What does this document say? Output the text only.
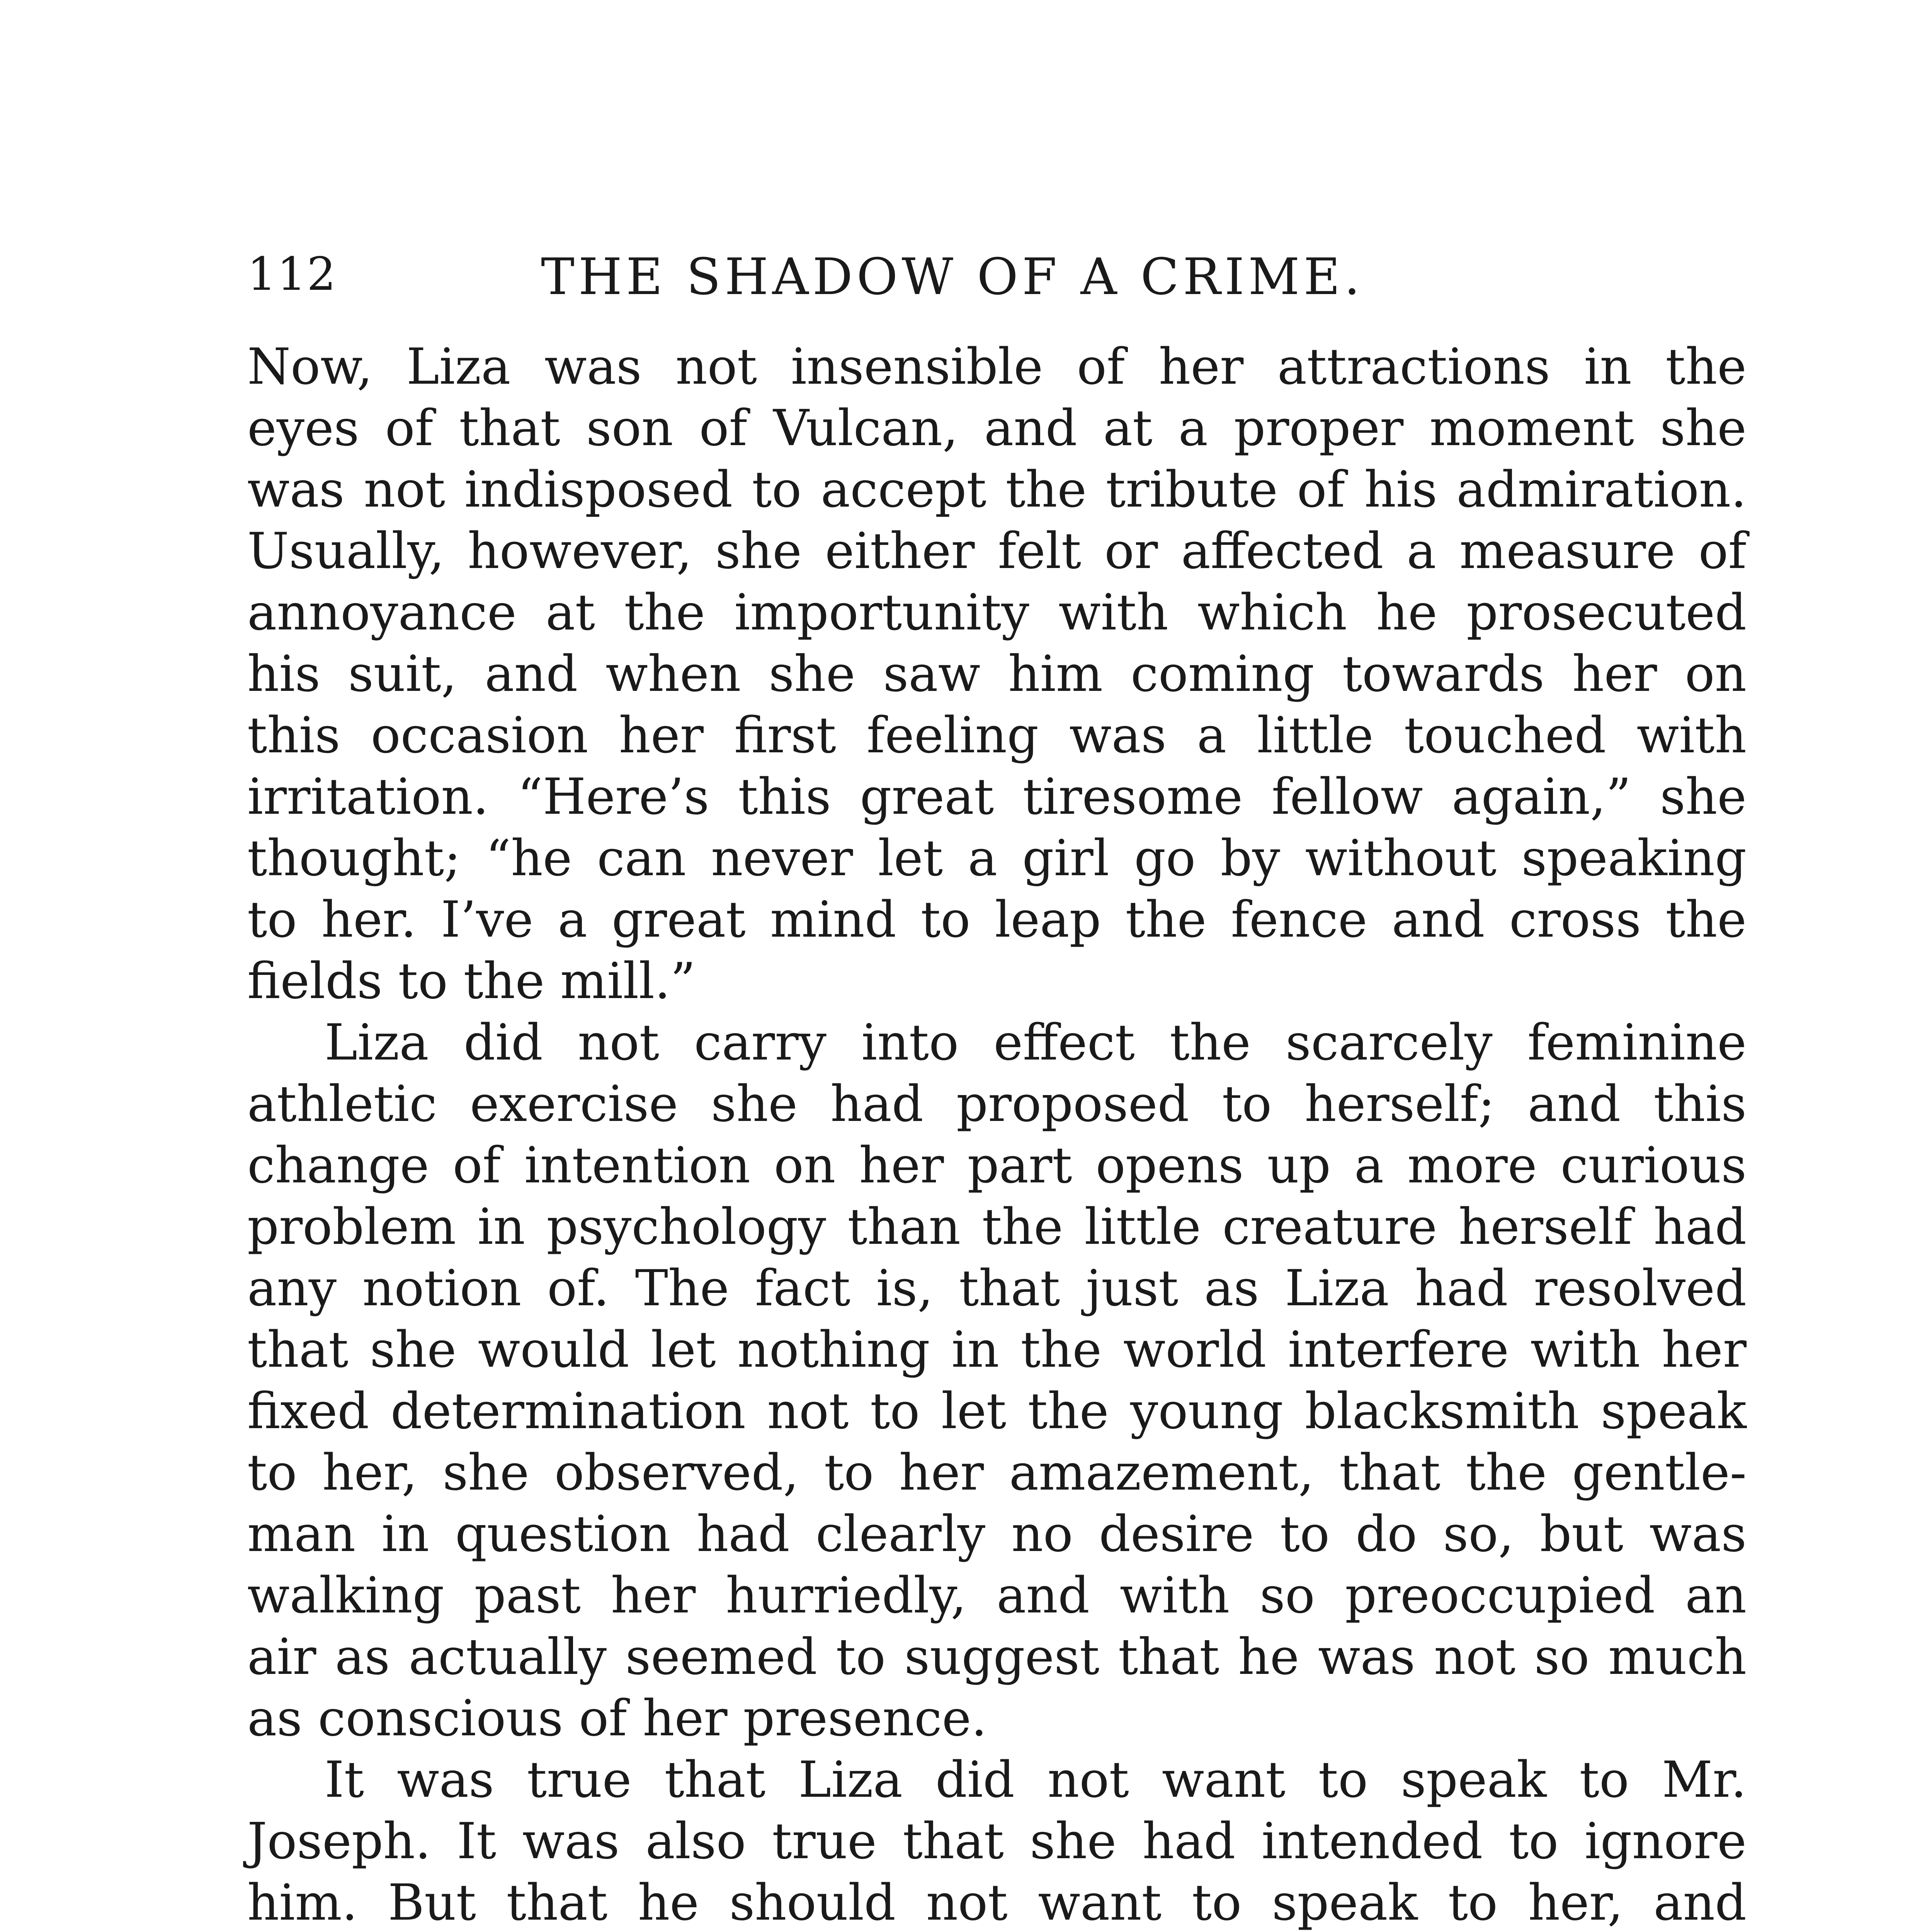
112	THE SHADOW OF A CRIME.
Now, Liza was not insensible of her attractions in the
eyes of that son of Vulcan, and at a proper moment she
was not indisposed to accept the tribute of his admiration.
Usually, however, she either felt or affected a measure of
annoyance at the importunity with which he prosecuted
his suit, and when she saw him coming towards her on
this occasion her first feeling was a little touched with
irritation. “Here’s this great tiresome fellow again,” she
thought; “he can never let a girl go by without speaking
to her. I’ve a great mind to leap the fence and cross the
fields to the mill.”
Liza did not carry into effect the scarcely feminine
athletic exercise she had proposed to herself; and this
change of intention on her part opens up a more curious
problem in psychology than the little creature herself had
any notion of. The fact is, that just as Liza had resolved
that she would let nothing in the world interfere with her
fixed determination not to let the young blacksmith speak
to her, she observed, to her amazement, that the gentle-
man in question had clearly no desire to do so, but was
walking past her hurriedly, and with so preoccupied an
air as actually seemed to suggest that he was not so much
as conscious of her presence.
It was true that Liza did not want to speak to Mr.
Joseph. It was also true that she had intended to ignore
him. But that he should not want to speak to her, and
